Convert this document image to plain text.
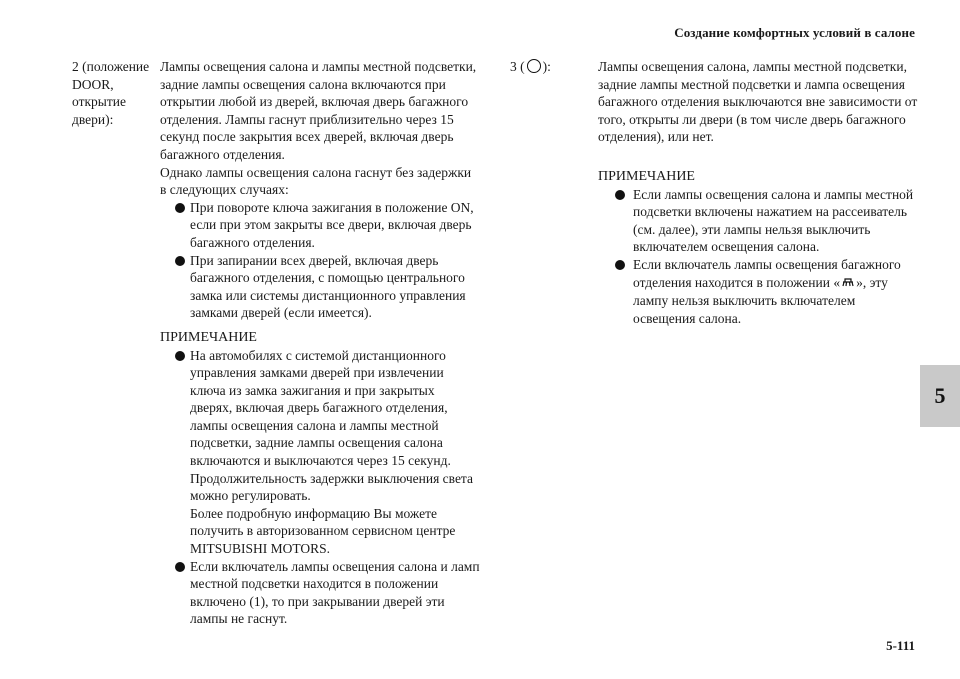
Создание комфортных условий в салоне
2 (положение DOOR, открытие двери):

Лампы освещения салона и лампы местной подсветки, задние лампы освещения салона включаются при открытии любой из дверей, включая дверь багажного отделения. Лампы гаснут приблизительно через 15 секунд после закрытия всех дверей, включая дверь багажного отделения.

Однако лампы освещения салона гаснут без задержки в следующих случаях:

При повороте ключа зажигания в положение ON, если при этом закрыты все двери, включая дверь багажного отделения.
При запирании всех дверей, включая дверь багажного отделения, с помощью центрального замка или системы дистанционного управления замками дверей (если имеется).

ПРИМЕЧАНИЕ

На автомобилях с системой дистанционного управления замками дверей при извлечении ключа из замка зажигания и при закрытых дверях, включая дверь багажного отделения, лампы освещения салона и лампы местной подсветки, задние лампы освещения салона включаются и выключаются через 15 секунд.
Продолжительность задержки выключения света можно регулировать.
Более подробную информацию Вы можете получить в авторизованном сервисном центре MITSUBISHI MOTORS.
Если включатель лампы освещения салона и ламп местной подсветки находится в положении включено (1), то при закрывании дверей эти лампы не гаснут.
3 ( ):	Лампы освещения салона, лампы местной подсветки, задние лампы местной подсветки и лампа освещения багажного отделения выключаются вне зависимости от того, открыты ли двери (в том числе дверь багажного отделения), или нет.

ПРИМЕЧАНИЕ

Если лампы освещения салона и лампы местной подсветки включены нажатием на рассеиватель (см. далее), эти лампы нельзя выключить включателем освещения салона.
Если включатель лампы освещения багажного отделения находится в положении « », эту лампу нельзя выключить включателем освещения салона.
5
5-111
